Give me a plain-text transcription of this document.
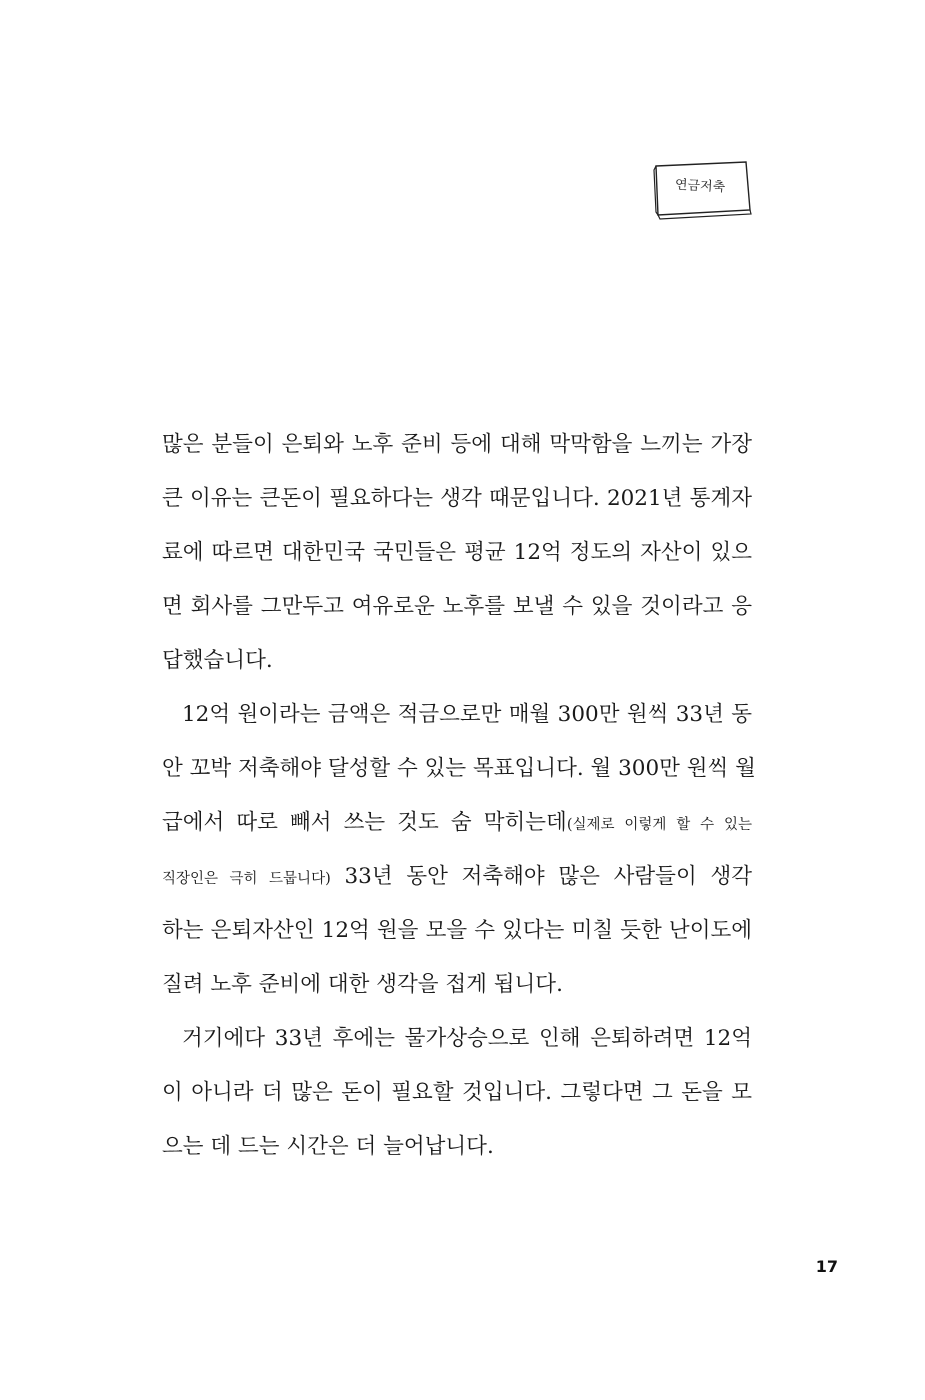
연금저축

많은 분들이 은퇴와 노후 준비 등에 대해 막막함을 느끼는 가장
큰 이유는 큰돈이 필요하다는 생각 때문입니다. 2021년 통계자
료에 따르면 대한민국 국민들은 평균 12억 정도의 자산이 있으
면 회사를 그만두고 여유로운 노후를 보낼 수 있을 것이라고 응
답했습니다.

12억 원이라는 금액은 적금으로만 매월 300만 원씩 33년 동
안 꼬박 저축해야 달성할 수 있는 목표입니다. 월 300만 원씩 월
급에서 따로 빼서 쓰는 것도 숨 막히는데(실제로 이렇게 할 수 있는
직장인은 극히 드뭅니다) 33년 동안 저축해야 많은 사람들이 생각
하는 은퇴자산인 12억 원을 모을 수 있다는 미칠 듯한 난이도에
질려 노후 준비에 대한 생각을 접게 됩니다.

거기에다 33년 후에는 물가상승으로 인해 은퇴하려면 12억
이 아니라 더 많은 돈이 필요할 것입니다. 그렇다면 그 돈을 모
으는 데 드는 시간은 더 늘어납니다.

17
